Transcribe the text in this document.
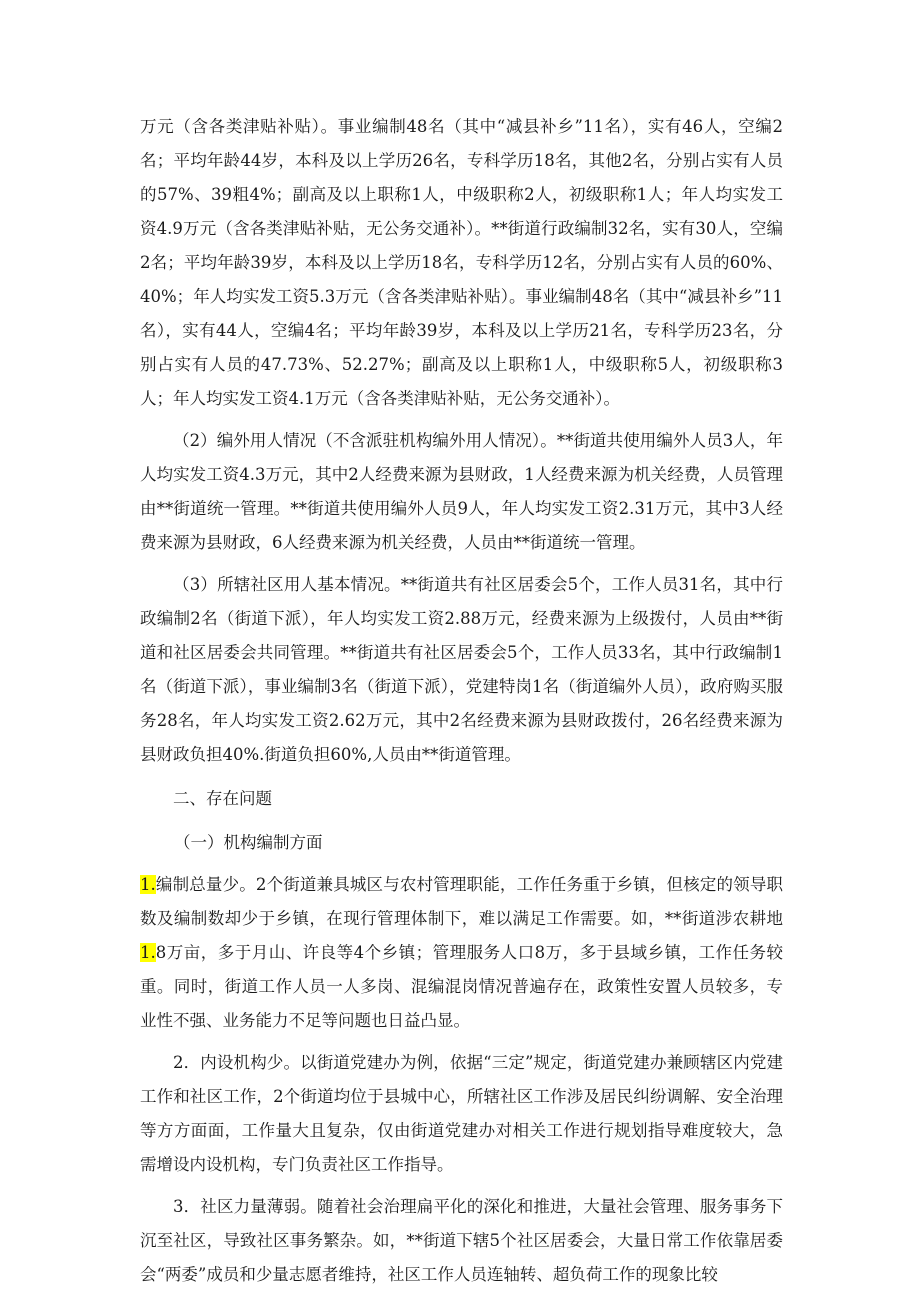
万元（含各类津贴补贴）。事业编制48名（其中“减县补乡”11名），实有46人，空编2名；平均年龄44岁，本科及以上学历26名，专科学历18名，其他2名，分别占实有人员的57%、39粗4%；副高及以上职称1人，中级职称2人，初级职称1人；年人均实发工资4.9万元（含各类津贴补贴，无公务交通补）。**街道行政编制32名，实有30人，空编2名；平均年龄39岁，本科及以上学历18名，专科学历12名，分别占实有人员的60%、40%；年人均实发工资5.3万元（含各类津贴补贴）。事业编制48名（其中“减县补乡”11名），实有44人，空编4名；平均年龄39岁，本科及以上学历21名，专科学历23名，分别占实有人员的47.73%、52.27%；副高及以上职称1人，中级职称5人，初级职称3人；年人均实发工资4.1万元（含各类津贴补贴，无公务交通补）。

（2）编外用人情况（不含派驻机构编外用人情况）。**街道共使用编外人员3人，年人均实发工资4.3万元，其中2人经费来源为县财政，1人经费来源为机关经费，人员管理由**街道统一管理。**街道共使用编外人员9人，年人均实发工资2.31万元，其中3人经费来源为县财政，6人经费来源为机关经费，人员由**街道统一管理。

（3）所辖社区用人基本情况。**街道共有社区居委会5个，工作人员31名，其中行政编制2名（街道下派），年人均实发工资2.88万元，经费来源为上级拨付，人员由**街道和社区居委会共同管理。**街道共有社区居委会5个，工作人员33名，其中行政编制1名（街道下派），事业编制3名（街道下派），党建特岗1名（街道编外人员），政府购买服务28名，年人均实发工资2.62万元，其中2名经费来源为县财政拨付，26名经费来源为县财政负担40%.街道负担60%,人员由**街道管理。

二、存在问题

（一）机构编制方面

1.编制总量少。2个街道兼具城区与农村管理职能，工作任务重于乡镇，但核定的领导职数及编制数却少于乡镇，在现行管理体制下，难以满足工作需要。如，**街道涉农耕地1.8万亩，多于月山、许良等4个乡镇；管理服务人口8万，多于县域乡镇，工作任务较重。同时，街道工作人员一人多岗、混编混岗情况普遍存在，政策性安置人员较多，专业性不强、业务能力不足等问题也日益凸显。

2．内设机构少。以街道党建办为例，依据“三定”规定，街道党建办兼顾辖区内党建工作和社区工作，2个街道均位于县城中心，所辖社区工作涉及居民纠纷调解、安全治理等方方面面，工作量大且复杂，仅由街道党建办对相关工作进行规划指导难度较大，急需增设内设机构，专门负责社区工作指导。

3．社区力量薄弱。随着社会治理扁平化的深化和推进，大量社会管理、服务事务下沉至社区，导致社区事务繁杂。如，**街道下辖5个社区居委会，大量日常工作依靠居委会“两委”成员和少量志愿者维持，社区工作人员连轴转、超负荷工作的现象比较
